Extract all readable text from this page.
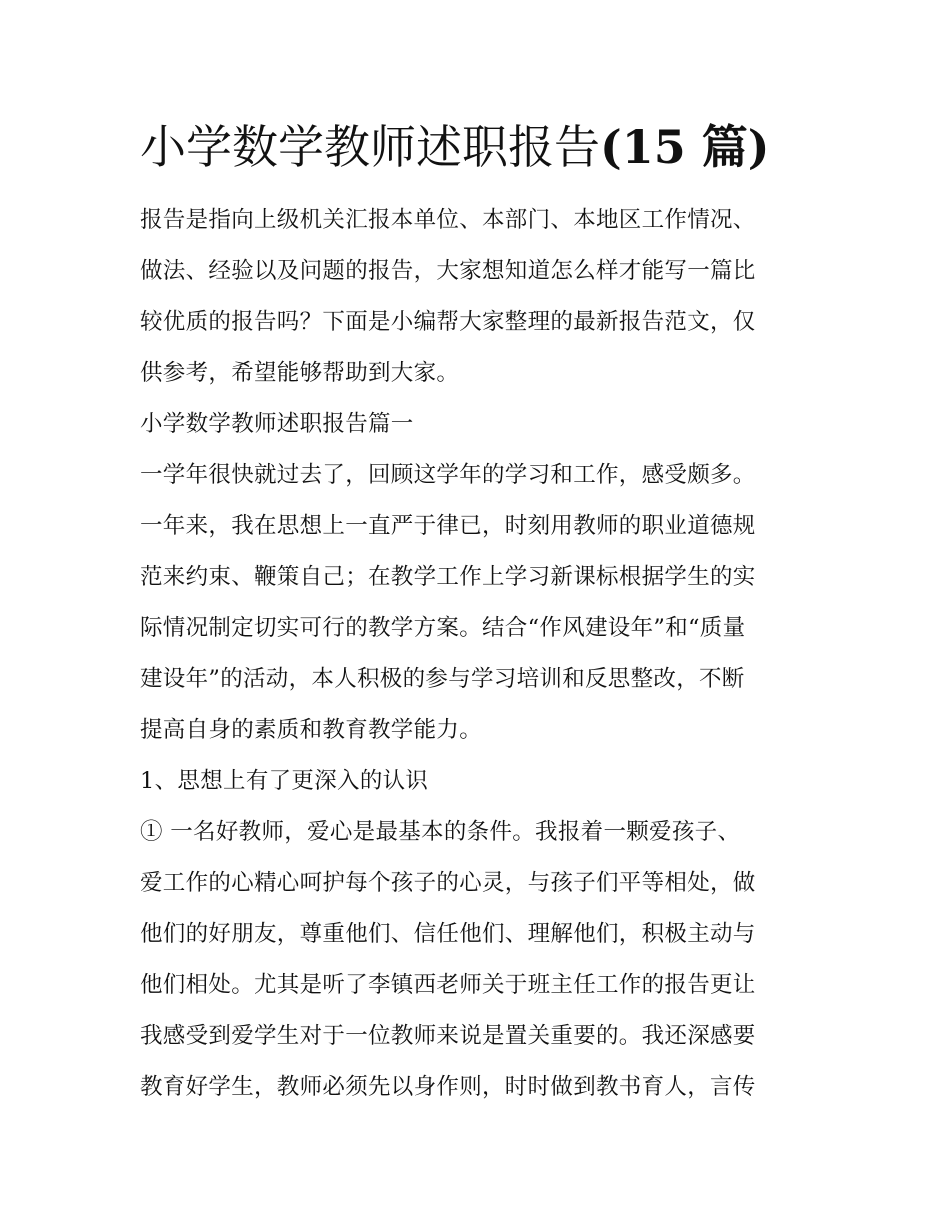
小学数学教师述职报告(15 篇)

报告是指向上级机关汇报本单位、本部门、本地区工作情况、
做法、经验以及问题的报告，大家想知道怎么样才能写一篇比
较优质的报告吗？下面是小编帮大家整理的最新报告范文，仅
供参考，希望能够帮助到大家。

小学数学教师述职报告篇一

一学年很快就过去了，回顾这学年的学习和工作，感受颇多。
一年来，我在思想上一直严于律已，时刻用教师的职业道德规
范来约束、鞭策自己；在教学工作上学习新课标根据学生的实
际情况制定切实可行的教学方案。结合“作风建设年”和“质量
建设年”的活动，本人积极的参与学习培训和反思整改，不断
提高自身的素质和教育教学能力。

1、思想上有了更深入的认识

① 一名好教师，爱心是最基本的条件。我报着一颗爱孩子、
爱工作的心精心呵护每个孩子的心灵，与孩子们平等相处，做
他们的好朋友，尊重他们、信任他们、理解他们，积极主动与
他们相处。尤其是听了李镇西老师关于班主任工作的报告更让
我感受到爱学生对于一位教师来说是置关重要的。我还深感要
教育好学生，教师必须先以身作则，时时做到教书育人，言传
